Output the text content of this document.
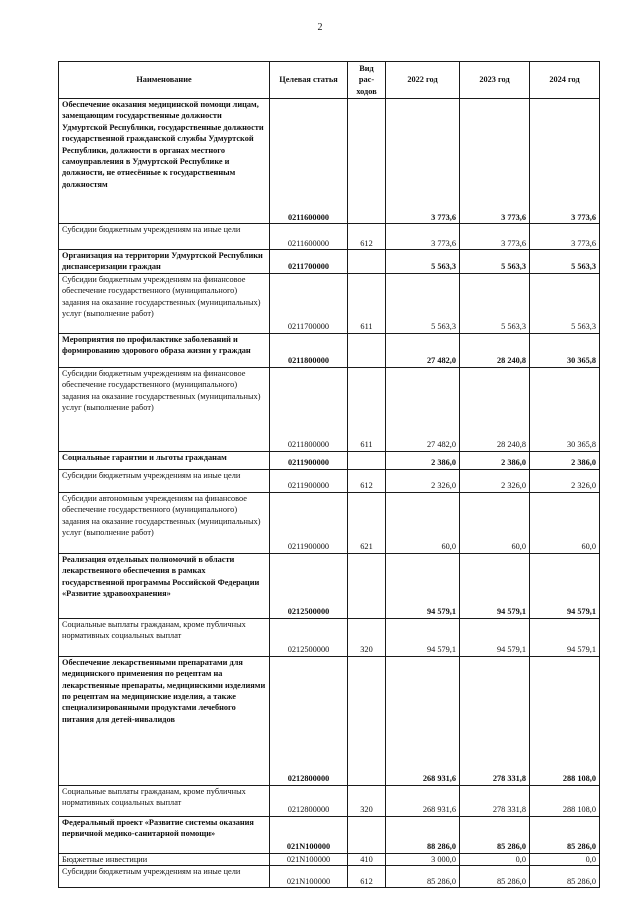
2
Наименование	Целевая статья	Вид рас-ходов	2022 год	2023 год	2024 год
Обеспечение оказания медицинской помощи лицам, замещающим государственные должности Удмуртской Республики, государственные должности государственной гражданской службы Удмуртской Республики, должности в органах местного самоуправления в Удмуртской Республике и должности, не отнесённые к государственным должностям	0211600000		3 773,6	3 773,6	3 773,6
Субсидии бюджетным учреждениям на иные цели	0211600000	612	3 773,6	3 773,6	3 773,6
Организация на территории Удмуртской Республики диспансеризации граждан	0211700000		5 563,3	5 563,3	5 563,3
Субсидии бюджетным учреждениям на финансовое обеспечение государственного (муниципального) задания на оказание государственных (муниципальных) услуг (выполнение работ)	0211700000	611	5 563,3	5 563,3	5 563,3
Мероприятия по профилактике заболеваний и формированию здорового образа жизни у граждан	0211800000		27 482,0	28 240,8	30 365,8
Субсидии бюджетным учреждениям на финансовое обеспечение государственного (муниципального) задания на оказание государственных (муниципальных) услуг (выполнение работ)	0211800000	611	27 482,0	28 240,8	30 365,8
Социальные гарантии и льготы гражданам	0211900000		2 386,0	2 386,0	2 386,0
Субсидии бюджетным учреждениям на иные цели	0211900000	612	2 326,0	2 326,0	2 326,0
Субсидии автономным учреждениям на финансовое обеспечение государственного (муниципального) задания на оказание государственных (муниципальных) услуг (выполнение работ)	0211900000	621	60,0	60,0	60,0
Реализация отдельных полномочий в области лекарственного обеспечения в рамках государственной программы Российской Федерации «Развитие здравоохранения»	0212500000		94 579,1	94 579,1	94 579,1
Социальные выплаты гражданам, кроме публичных нормативных социальных выплат	0212500000	320	94 579,1	94 579,1	94 579,1
Обеспечение лекарственными препаратами для медицинского применения по рецептам на лекарственные препараты, медицинскими изделиями по рецептам на медицинские изделия, а также специализированными продуктами лечебного питания для детей-инвалидов	0212800000		268 931,6	278 331,8	288 108,0
Социальные выплаты гражданам, кроме публичных нормативных социальных выплат	0212800000	320	268 931,6	278 331,8	288 108,0
Федеральный проект «Развитие системы оказания первичной медико-санитарной помощи»	021N100000		88 286,0	85 286,0	85 286,0
Бюджетные инвестиции	021N100000	410	3 000,0	0,0	0,0
Субсидии бюджетным учреждениям на иные цели	021N100000	612	85 286,0	85 286,0	85 286,0
